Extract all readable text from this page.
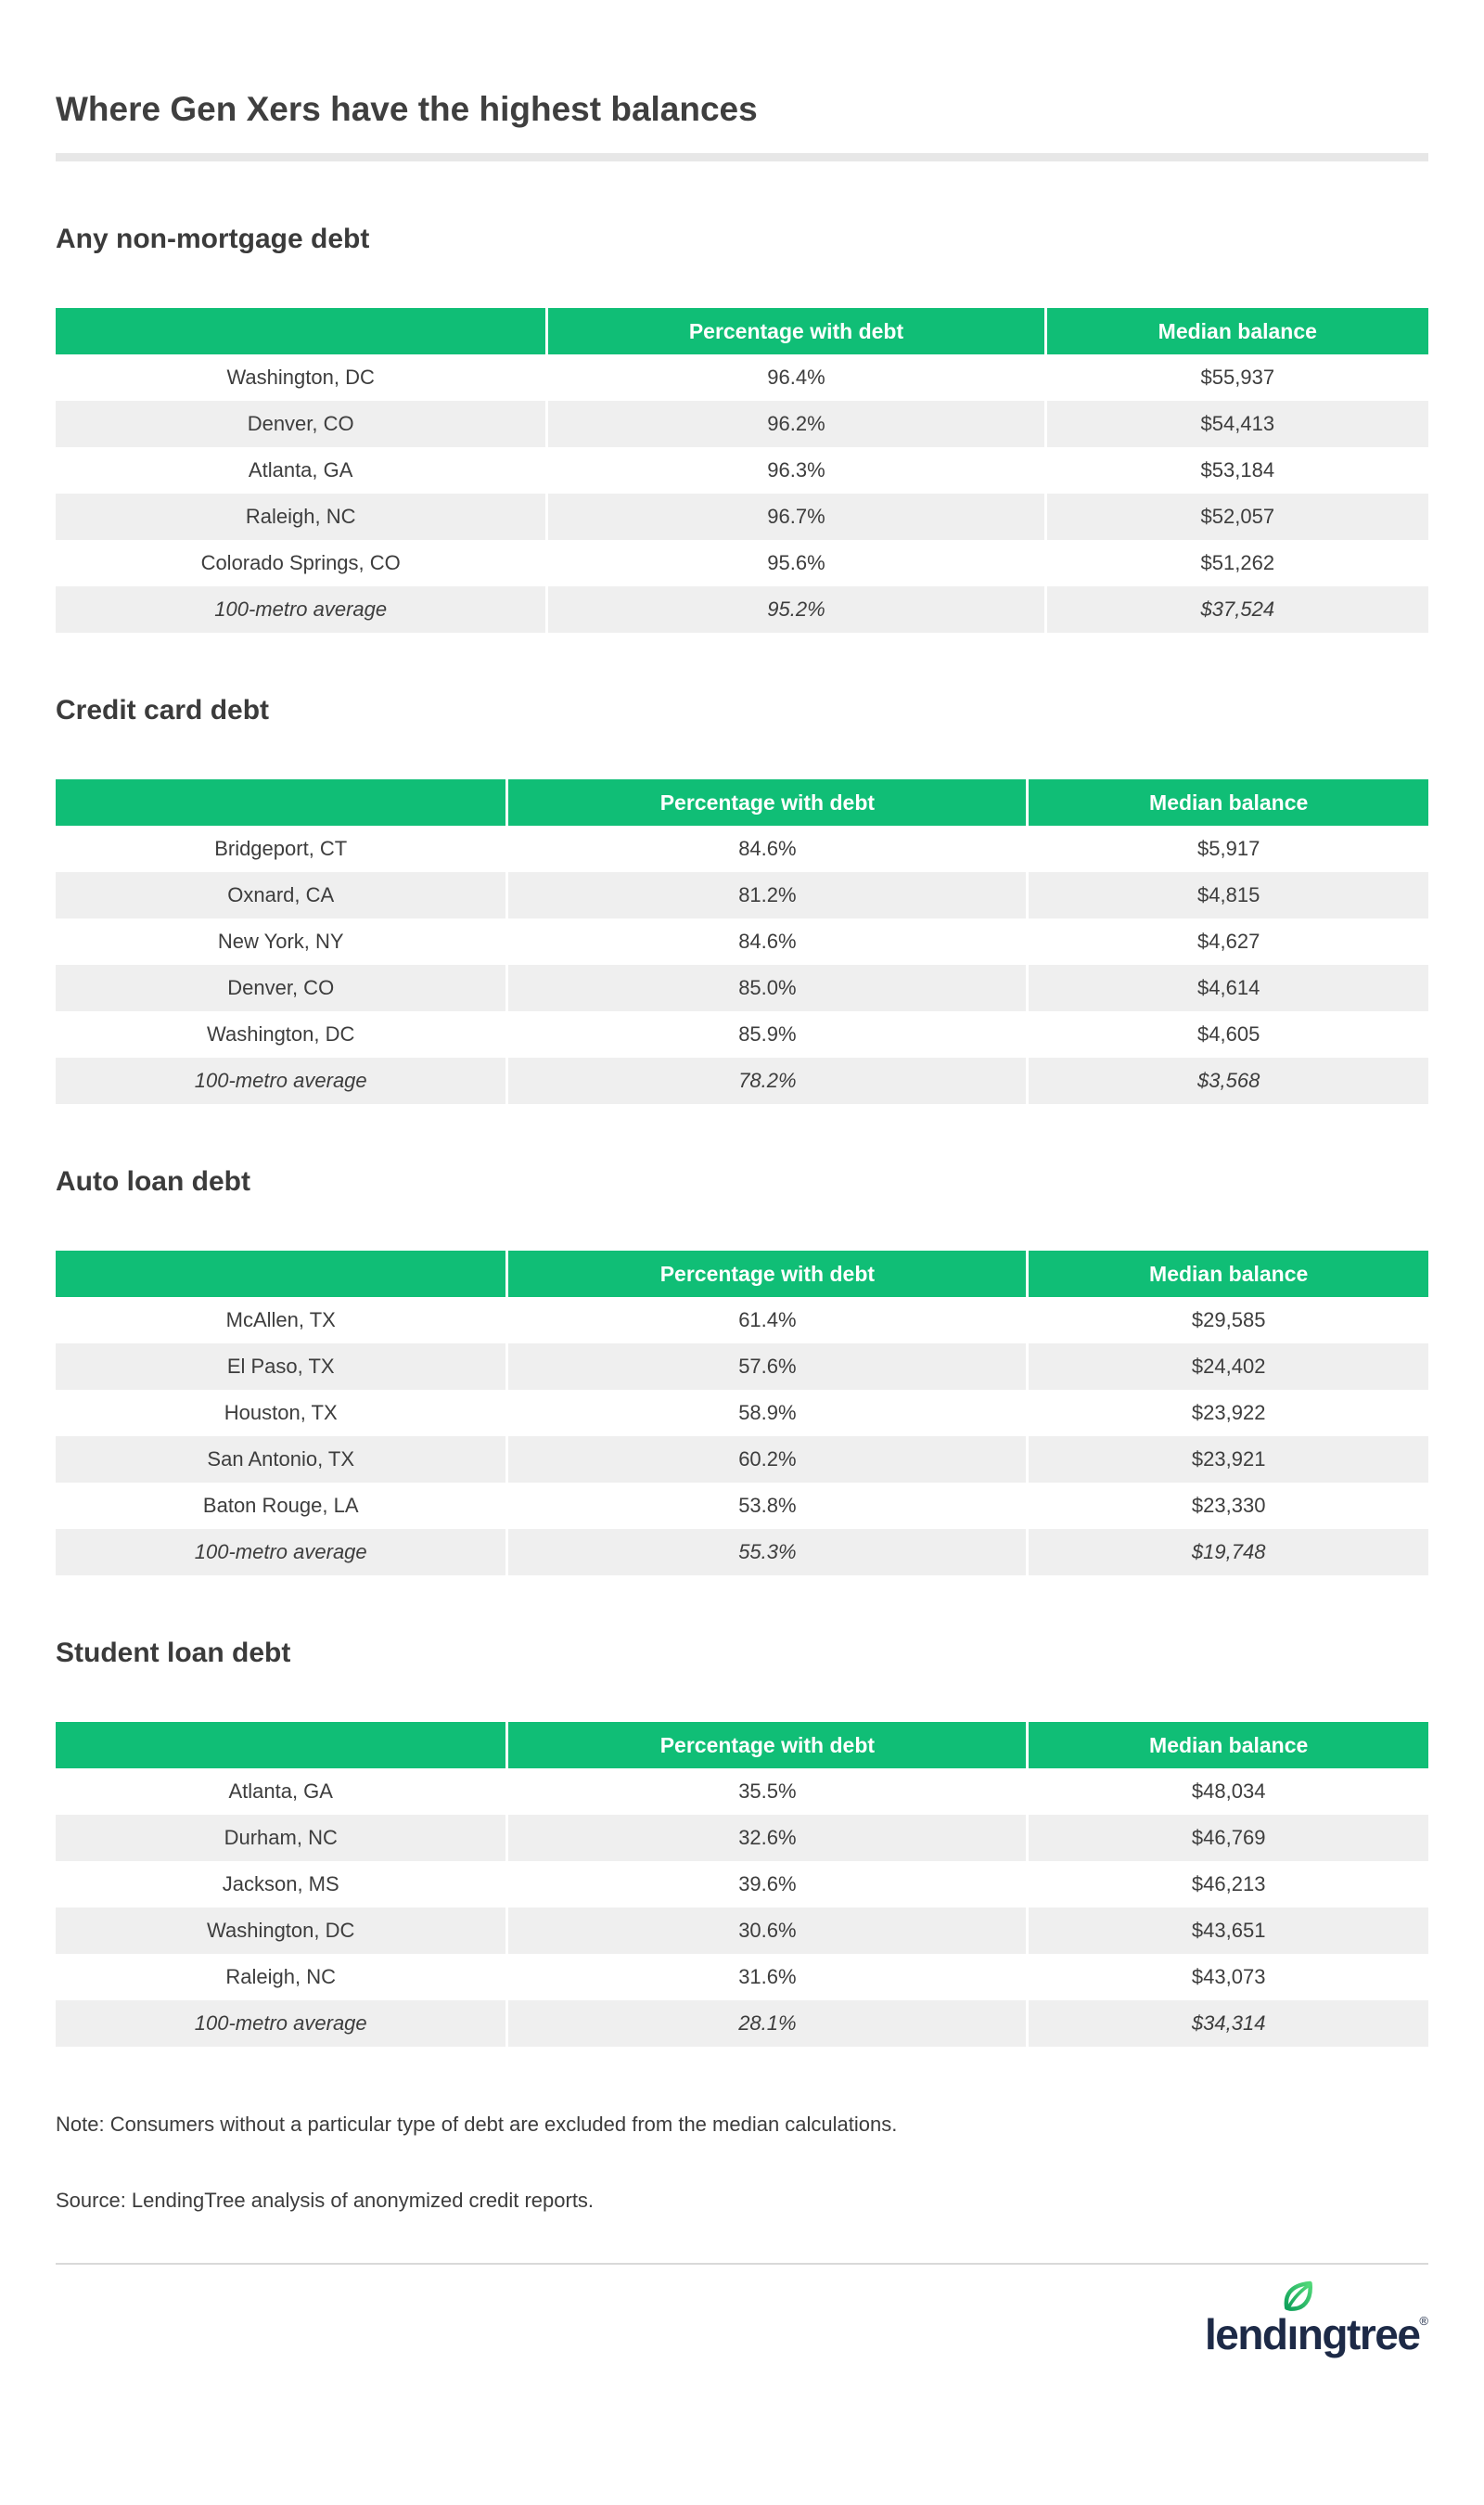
Where Gen Xers have the highest balances
Any non-mortgage debt
	Percentage with debt	Median balance
Washington, DC	96.4%	$55,937
Denver, CO	96.2%	$54,413
Atlanta, GA	96.3%	$53,184
Raleigh, NC	96.7%	$52,057
Colorado Springs, CO	95.6%	$51,262
100-metro average	95.2%	$37,524
Credit card debt
	Percentage with debt	Median balance
Bridgeport, CT	84.6%	$5,917
Oxnard, CA	81.2%	$4,815
New York, NY	84.6%	$4,627
Denver, CO	85.0%	$4,614
Washington, DC	85.9%	$4,605
100-metro average	78.2%	$3,568
Auto loan debt
	Percentage with debt	Median balance
McAllen, TX	61.4%	$29,585
El Paso, TX	57.6%	$24,402
Houston, TX	58.9%	$23,922
San Antonio, TX	60.2%	$23,921
Baton Rouge, LA	53.8%	$23,330
100-metro average	55.3%	$19,748
Student loan debt
	Percentage with debt	Median balance
Atlanta, GA	35.5%	$48,034
Durham, NC	32.6%	$46,769
Jackson, MS	39.6%	$46,213
Washington, DC	30.6%	$43,651
Raleigh, NC	31.6%	$43,073
100-metro average	28.1%	$34,314

Note: Consumers without a particular type of debt are excluded from the median calculations.

Source: LendingTree analysis of anonymized credit reports.

lend ı ngtree ®
